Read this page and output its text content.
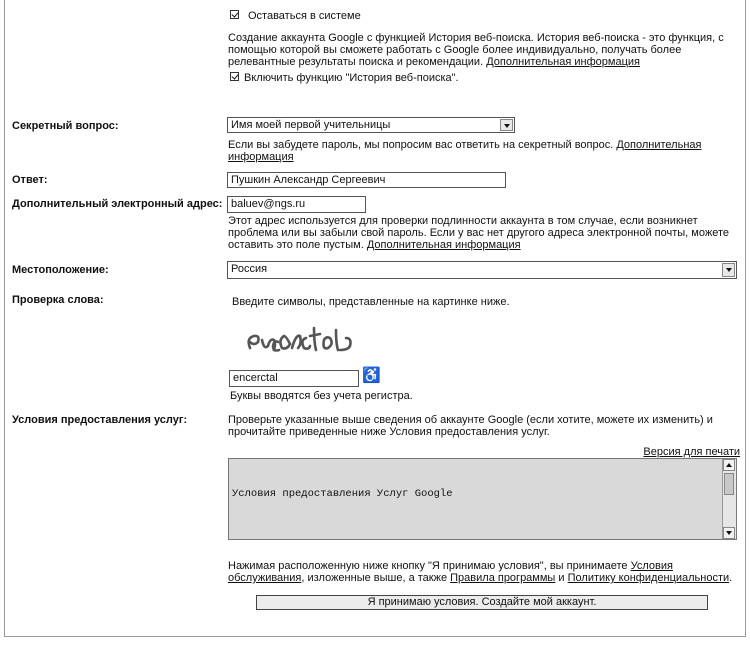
Оставаться в системе
Создание аккаунта Google с функцией История веб-поиска. История веб-поиска - это функция, с помощью которой вы сможете работать с Google более индивидуально, получать более релевантные результаты поиска и рекомендации. Дополнительная информация
Включить функцию "История веб-поиска".
Секретный вопрос:	Имя моей первой учительницы
Если вы забудете пароль, мы попросим вас ответить на секретный вопрос. Дополнительная информация
Ответ:	Пушкин Александр Сергеевич
Дополнительный электронный адрес: baluev@ngs.ru
Этот адрес используется для проверки подлинности аккаунта в том случае, если возникнет проблема или вы забыли свой пароль. Если у вас нет другого адреса электронной почты, можете оставить это поле пустым. Дополнительная информация
Местоположение:	Россия
Проверка слова:	Введите символы, представленные на картинке ниже.
encerctal	♿
Буквы вводятся без учета регистра.
Условия предоставления услуг:	Проверьте указанные выше сведения об аккаунте Google (если хотите, можете их изменить) и прочитайте приведенные ниже Условия предоставления услуг.
Версия для печати

Условия предоставления Услуг Google

Нажимая расположенную ниже кнопку "Я принимаю условия", вы принимаете Условия обслуживания, изложенные выше, а также Правила программы и Политику конфиденциальности.
Я принимаю условия. Создайте мой аккаунт.
